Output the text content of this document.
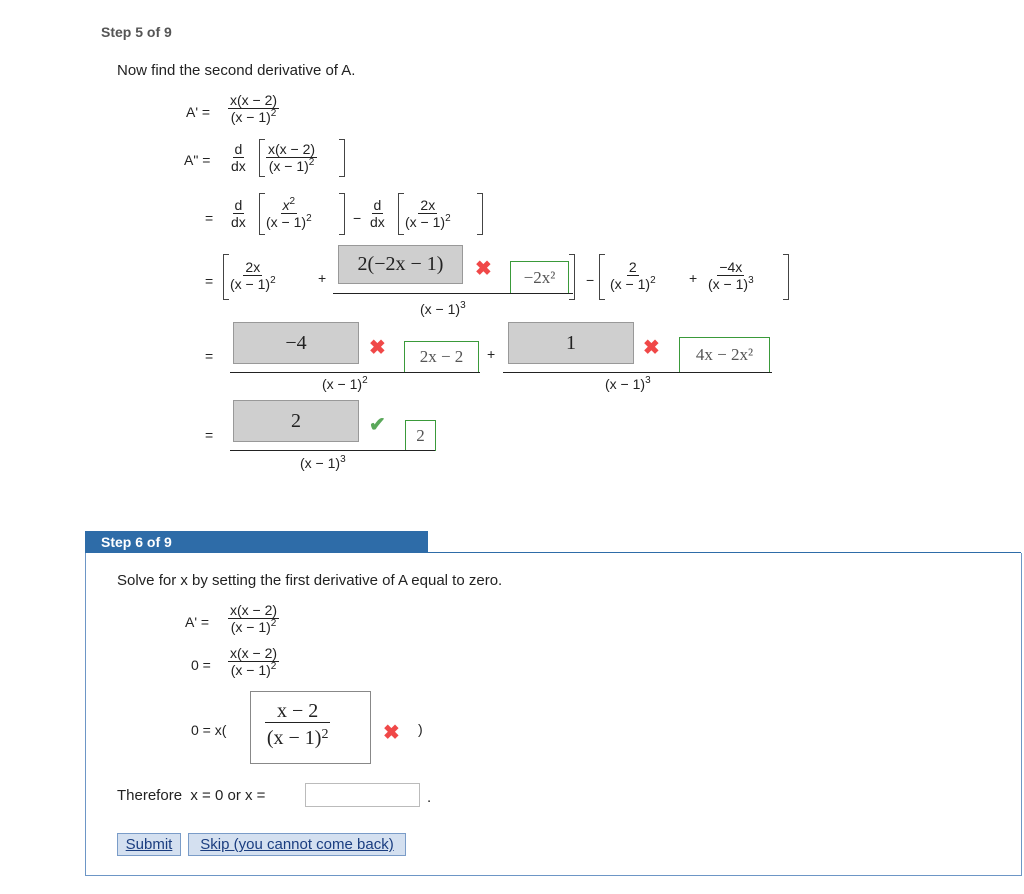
Step 5 of 9
Now find the second derivative of A.
$A' = \frac{x(x - 2)}{(x - 1)^2}$
A" = $\frac{d}{dx} \frac{x(x - 2)}{(x - 1)^2}$
= $\frac{d}{dx} \frac{x^2}{(x - 1)^2}$	− $\frac{d}{dx} \frac{2x}{(x - 1)^2}$
= $\frac{2x}{(x - 1)^2}$	+
2(−2x − 1)	✖	−2x²
$(x - 1)^3$
− $\frac{2}{(x - 1)^2} + \frac{-4x}{(x - 1)^3}$
=
−4	✖	2x − 2
$(x - 1)^2$
+
1	✖	4x − 2x²
$(x - 1)^3$
=
2	✔	2
$(x - 1)^3$
Step 6 of 9
Solve for x by setting the first derivative of A equal to zero.
$A' = \frac{x(x - 2)}{(x - 1)^2}$
$0 = \frac{x(x - 2)}{(x - 1)^2}$
$0 = x( \frac{x - 2}{(x - 1)^2}$	✖ )
Therefore  x = 0 or x =	.
Submit	Skip (you cannot come back)
